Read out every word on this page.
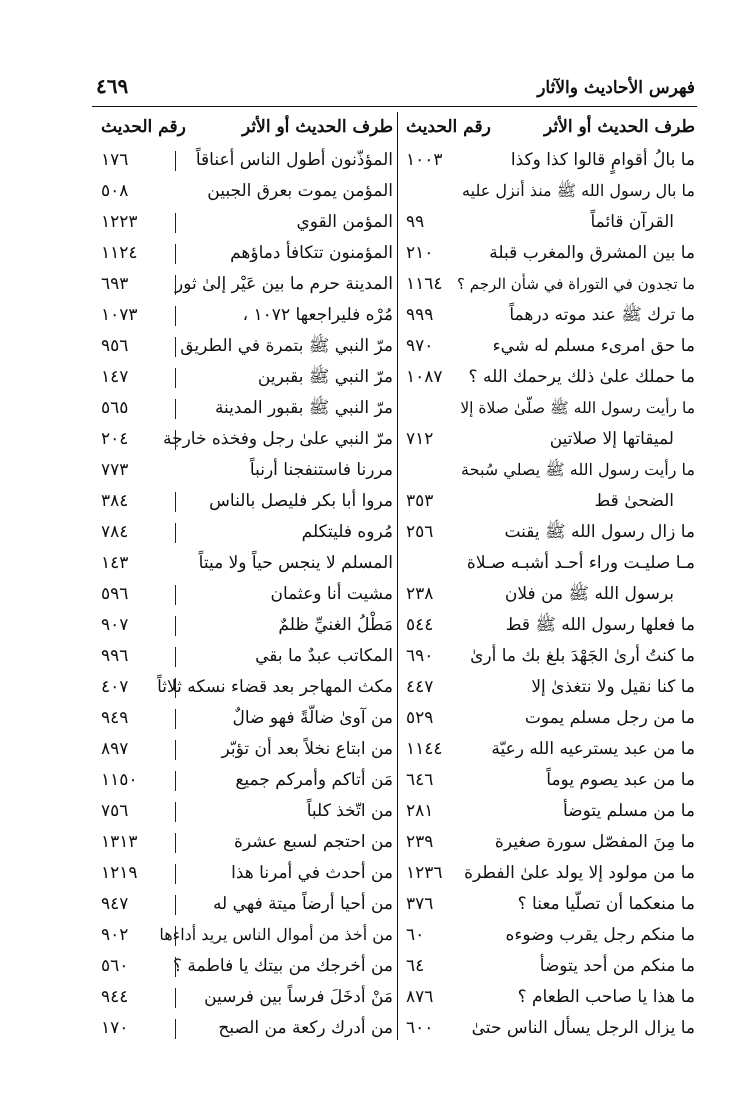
فهرس الأحاديث والآثار
٤٦٩
طرف الحديث أو الأثر
رقم الحديث
ما بالُ أقوامٍ قالوا كذا وكذا
١٠٠٣
ما بال رسول الله ﷺ منذ أنزل عليه
القرآن قائماً
٩٩
ما بين المشرق والمغرب قبلة
٢١٠
ما تجدون في التوراة في شأن الرجم ؟
١١٦٤
ما ترك ﷺ عند موته درهماً
٩٩٩
ما حق امرىء مسلم له شيء
٩٧٠
ما حملك علىٰ ذلك يرحمك الله ؟
١٠٨٧
ما رأيت رسول الله ﷺ صلّىٰ صلاة إلا
لميقاتها إلا صلاتين
٧١٢
ما رأيت رسول الله ﷺ يصلي سُبحة
الضحىٰ قط
٣٥٣
ما زال رسول الله ﷺ يقنت
٢٥٦
مـا صليـت وراء أحـد أشبـه صـلاة
برسول الله ﷺ من فلان
٢٣٨
ما فعلها رسول الله ﷺ قط
٥٤٤
ما كنتُ أرىٰ الجَهْدَ بلغ بك ما أرىٰ
٦٩٠
ما كنا نقيل ولا نتغذىٰ إلا
٤٤٧
ما من رجل مسلم يموت
٥٢٩
ما من عبد يسترعيه الله رعيّة
١١٤٤
ما من عبد يصوم يوماً
٦٤٦
ما من مسلم يتوضأ
٢٨١
ما مِنَ المفصّل سورة صغيرة
٢٣٩
ما من مولود إلا يولد علىٰ الفطرة
١٢٣٦
ما منعكما أن تصلّيا معنا ؟
٣٧٦
ما منكم رجل يقرب وضوءه
٦٠
ما منكم من أحد يتوضأ
٦٤
ما هذا يا صاحب الطعام ؟
٨٧٦
ما يزال الرجل يسأل الناس حتىٰ
٦٠٠
طرف الحديث أو الأثر
رقم الحديث
المؤذّنون أطول الناس أعناقاً
١٧٦
المؤمن يموت بعرق الجبين
٥٠٨
المؤمن القوي
١٢٢٣
المؤمنون تتكافأ دماؤهم
١١٢٤
المدينة حرم ما بين عَيْر إلىٰ ثور
٦٩٣
مُرْه فليراجعها ١٠٧٢ ،
١٠٧٣
مرّ النبي ﷺ بتمرة في الطريق
٩٥٦
مرّ النبي ﷺ بقبرين
١٤٧
مرّ النبي ﷺ بقبور المدينة
٥٦٥
مرّ النبي علىٰ رجل وفخذه خارجة
٢٠٤
مررنا فاستنفجنا أرنباً
٧٧٣
مروا أبا بكر فليصل بالناس
٣٨٤
مُروه فليتكلم
٧٨٤
المسلم لا ينجس حياً ولا ميتاً
١٤٣
مشيت أنا وعثمان
٥٩٦
مَطْلُ الغنيِّ ظلمٌ
٩٠٧
المكاتب عبدٌ ما بقي
٩٩٦
مكث المهاجر بعد قضاء نسكه ثلاثاً
٤٠٧
من آوىٰ ضالّةً فهو ضالٌ
٩٤٩
من ابتاع نخلاً بعد أن تؤبّر
٨٩٧
مَن أتاكم وأمركم جميع
١١٥٠
من اتّخذ كلباً
٧٥٦
من احتجم لسبع عشرة
١٣١٣
من أحدث في أمرنا هذا
١٢١٩
من أحيا أرضاً ميتة فهي له
٩٤٧
من أخذ من أموال الناس يريد أداءها
٩٠٢
من أخرجك من بيتك يا فاطمة ؟
٥٦٠
مَنْ أدخَلَ فرساً بين فرسين
٩٤٤
من أدرك ركعة من الصبح
١٧٠
